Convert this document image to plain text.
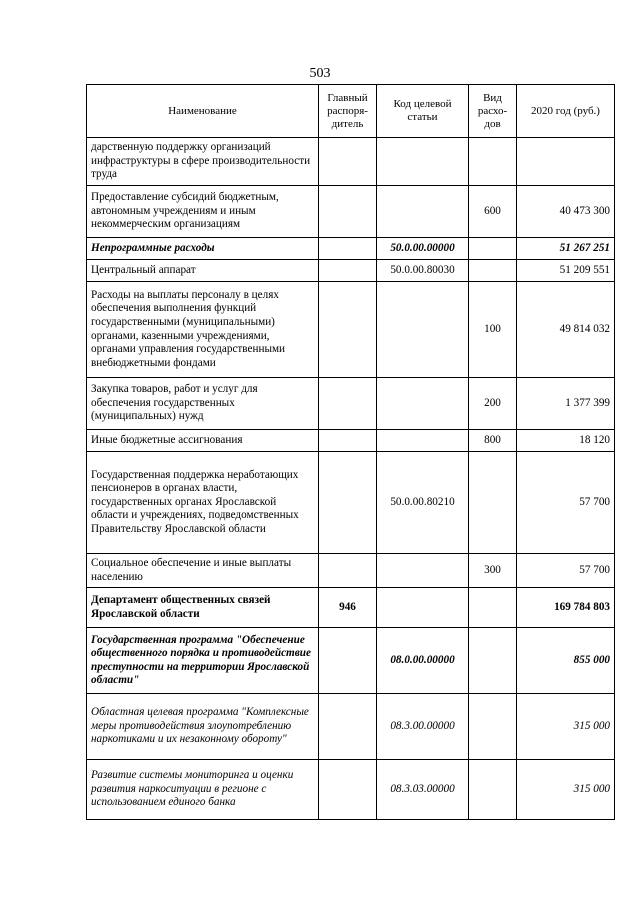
503
Наименование	Главный распоря-дитель	Код целевой статьи	Вид расхо-дов	2020 год (руб.)
дарственную поддержку организаций инфраструктуры в сфере производительности труда				
Предоставление субсидий бюджетным, автономным учреждениям и иным некоммерческим организациям			600	40 473 300
Непрограммные расходы		50.0.00.00000		51 267 251
Центральный аппарат		50.0.00.80030		51 209 551
Расходы на выплаты персоналу в целях обеспечения выполнения функций государственными (муниципальными) органами, казенными учреждениями, органами управления государственными внебюджетными фондами			100	49 814 032
Закупка товаров, работ и услуг для обеспечения государственных (муниципальных) нужд			200	1 377 399
Иные бюджетные ассигнования			800	18 120
Государственная поддержка неработающих пенсионеров в органах власти, государственных органах Ярославской области и учреждениях, подведомственных Правительству Ярославской области		50.0.00.80210		57 700
Социальное обеспечение и иные выплаты населению			300	57 700
Департамент общественных связей Ярославской области	946			169 784 803
Государственная программа "Обеспечение общественного порядка и противодействие преступности на территории Ярославской области"		08.0.00.00000		855 000
Областная целевая программа "Комплексные меры противодействия злоупотреблению наркотиками и их незаконному обороту"		08.3.00.00000		315 000
Развитие системы мониторинга и оценки развития наркоситуации в регионе с использованием единого банка		08.3.03.00000		315 000
